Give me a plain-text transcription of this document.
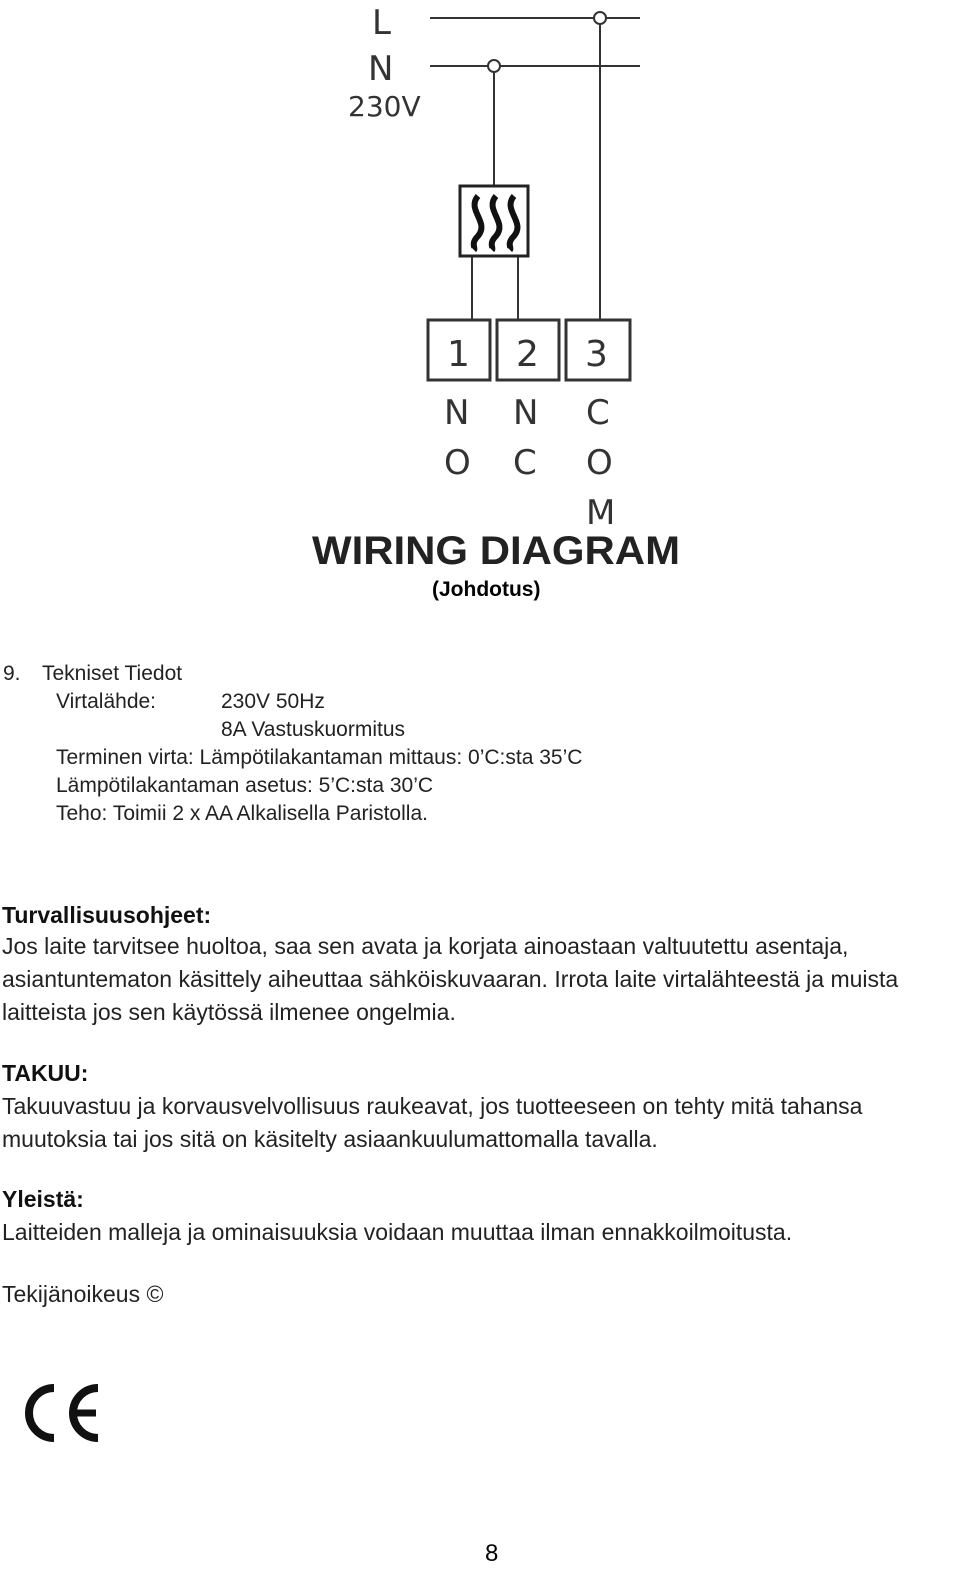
L
N
230V
1 2 3
N
O
N
C
C
O
M
WIRING DIAGRAM

(Johdotus)

9. Tekniset Tiedot
Virtalähde:	230V 50Hz
8A Vastuskuormitus
Terminen virta: Lämpötilakantaman mittaus: 0’C:sta 35’C
Lämpötilakantaman asetus: 5’C:sta 30’C
Teho: Toimii 2 x AA Alkalisella Paristolla.

Turvallisuusohjeet:

Jos laite tarvitsee huoltoa, saa sen avata ja korjata ainoastaan valtuutettu asentaja, asiantuntematon käsittely aiheuttaa sähköiskuvaaran. Irrota laite virtalähteestä ja muista laitteista jos sen käytössä ilmenee ongelmia.

TAKUU:

Takuuvastuu ja korvausvelvollisuus raukeavat, jos tuotteeseen on tehty mitä tahansa muutoksia tai jos sitä on käsitelty asiaankuulumattomalla tavalla.

Yleistä:

Laitteiden malleja ja ominaisuuksia voidaan muuttaa ilman ennakkoilmoitusta.

Tekijänoikeus ©

8
